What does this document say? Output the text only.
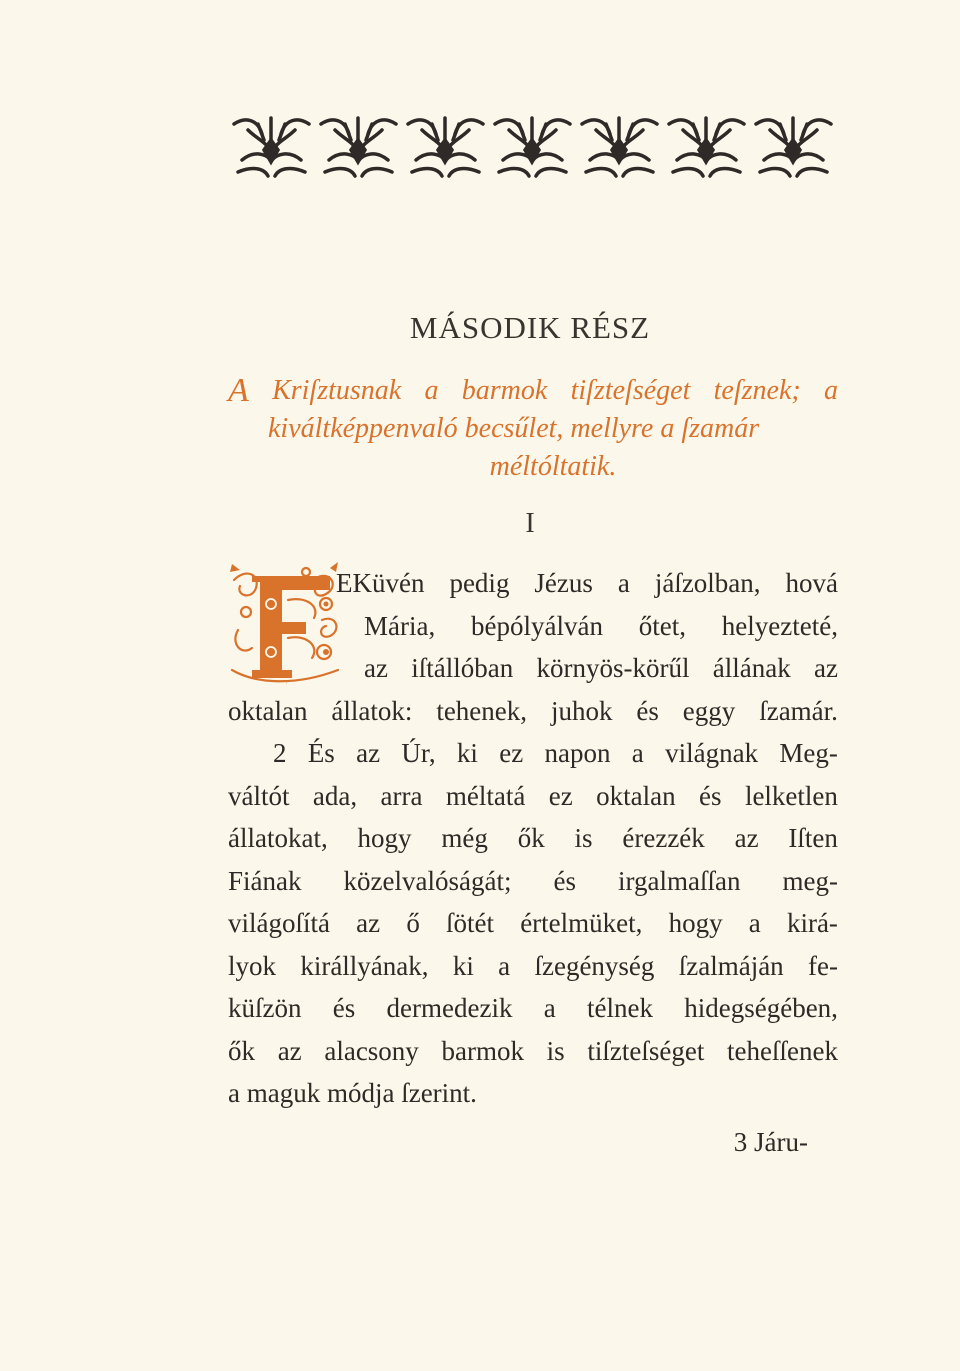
MÁSODIK RÉSZ
A Kriſztusnak a barmok tiſzteſséget teſznek; a
kiváltképpenvaló becsűlet, mellyre a ſzamár
méltóltatik.
I
F
EKüvén pedig Jézus a jáſzolban, hová
Mária, bépólyálván őtet, helyezteté,
az iſtállóban környös-körűl állának az
oktalan állatok: tehenek, juhok és eggy ſzamár.
2 És az Úr, ki ez napon a világnak Meg-
váltót ada, arra méltatá ez oktalan és lelketlen
állatokat, hogy még ők is érezzék az Iſten
Fiának közelvalóságát; és irgalmaſſan meg-
világoſítá az ő ſötét értelmüket, hogy a kirá-
lyok királlyának, ki a ſzegénység ſzalmáján fe-
küſzön és dermedezik a télnek hidegségében,
ők az alacsony barmok is tiſzteſséget teheſſenek
a maguk módja ſzerint.
3 Járu-
